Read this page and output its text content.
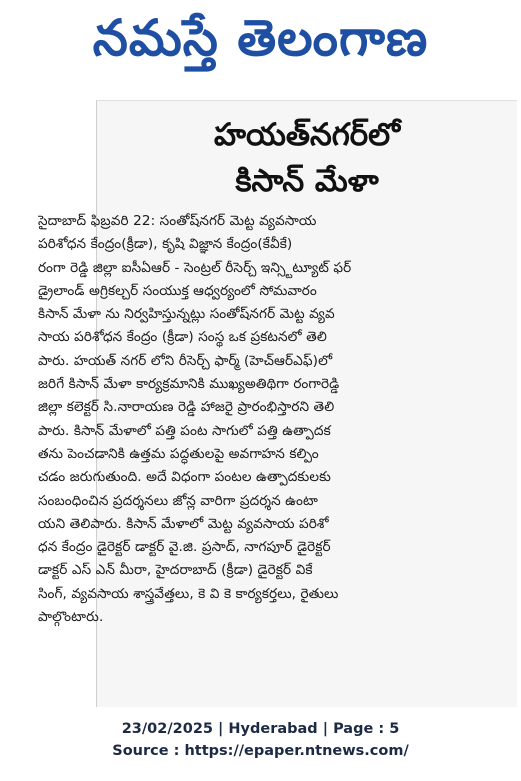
నమస్తే తెలంగాణ
హయత్‌నగర్‌లో
కిసాన్ మేళా
సైదాబాద్ ఫిబ్రవరి 22: సంతోష్‌నగర్ మెట్ట వ్యవసాయ
పరిశోధన కేంద్రం(క్రీడా), కృషి విజ్ఞాన కేంద్రం(కేవీకే)
రంగా రెడ్డి జిల్లా ఐసీఏఆర్ - సెంట్రల్ రీసెర్చ్ ఇన్స్టిట్యూట్ ఫర్
డ్రైలాండ్ అగ్రికల్చర్ సంయుక్త ఆధ్వర్యంలో సోమవారం
కిసాన్ మేళా ను నిర్వహిస్తున్నట్లు సంతోష్‌నగర్ మెట్ట వ్యవ
సాయ పరిశోధన కేంద్రం (క్రీడా) సంస్థ ఒక ప్రకటనలో తెలి
పారు. హయత్ నగర్ లోని రీసెర్చ్ ఫార్మ్ (హెచ్‌ఆర్‌ఎఫ్)లో
జరిగే కిసాన్ మేళా కార్యక్రమానికి ముఖ్యఅతిథిగా రంగారెడ్డి
జిల్లా కలెక్టర్ సి.నారాయణ రెడ్డి హాజరై ప్రారంభిస్తారని తెలి
పారు. కిసాన్ మేళాలో పత్తి పంట సాగులో పత్తి ఉత్పాదక
తను పెంచడానికి ఉత్తమ పద్ధతులపై అవగాహన కల్పిం
చడం జరుగుతుంది. అదే విధంగా పంటల ఉత్పాదకులకు
సంబంధించిన ప్రదర్శనలు జోన్ల వారిగా ప్రదర్శన ఉంటా
యని తెలిపారు. కిసాన్ మేళాలో మెట్ట వ్యవసాయ పరిశో
ధన కేంద్రం డైరెక్టర్ డాక్టర్ వై.జి. ప్రసాద్, నాగపూర్ డైరెక్టర్
డాక్టర్ ఎస్ ఎన్ మీరా, హైదరాబాద్ (క్రీడా) డైరెక్టర్ వికే
సింగ్, వ్యవసాయ శాస్త్రవేత్తలు, కె వి కె కార్యకర్తలు, రైతులు
పాల్గొంటారు.
23/02/2025 | Hyderabad | Page : 5
Source : https://epaper.ntnews.com/
